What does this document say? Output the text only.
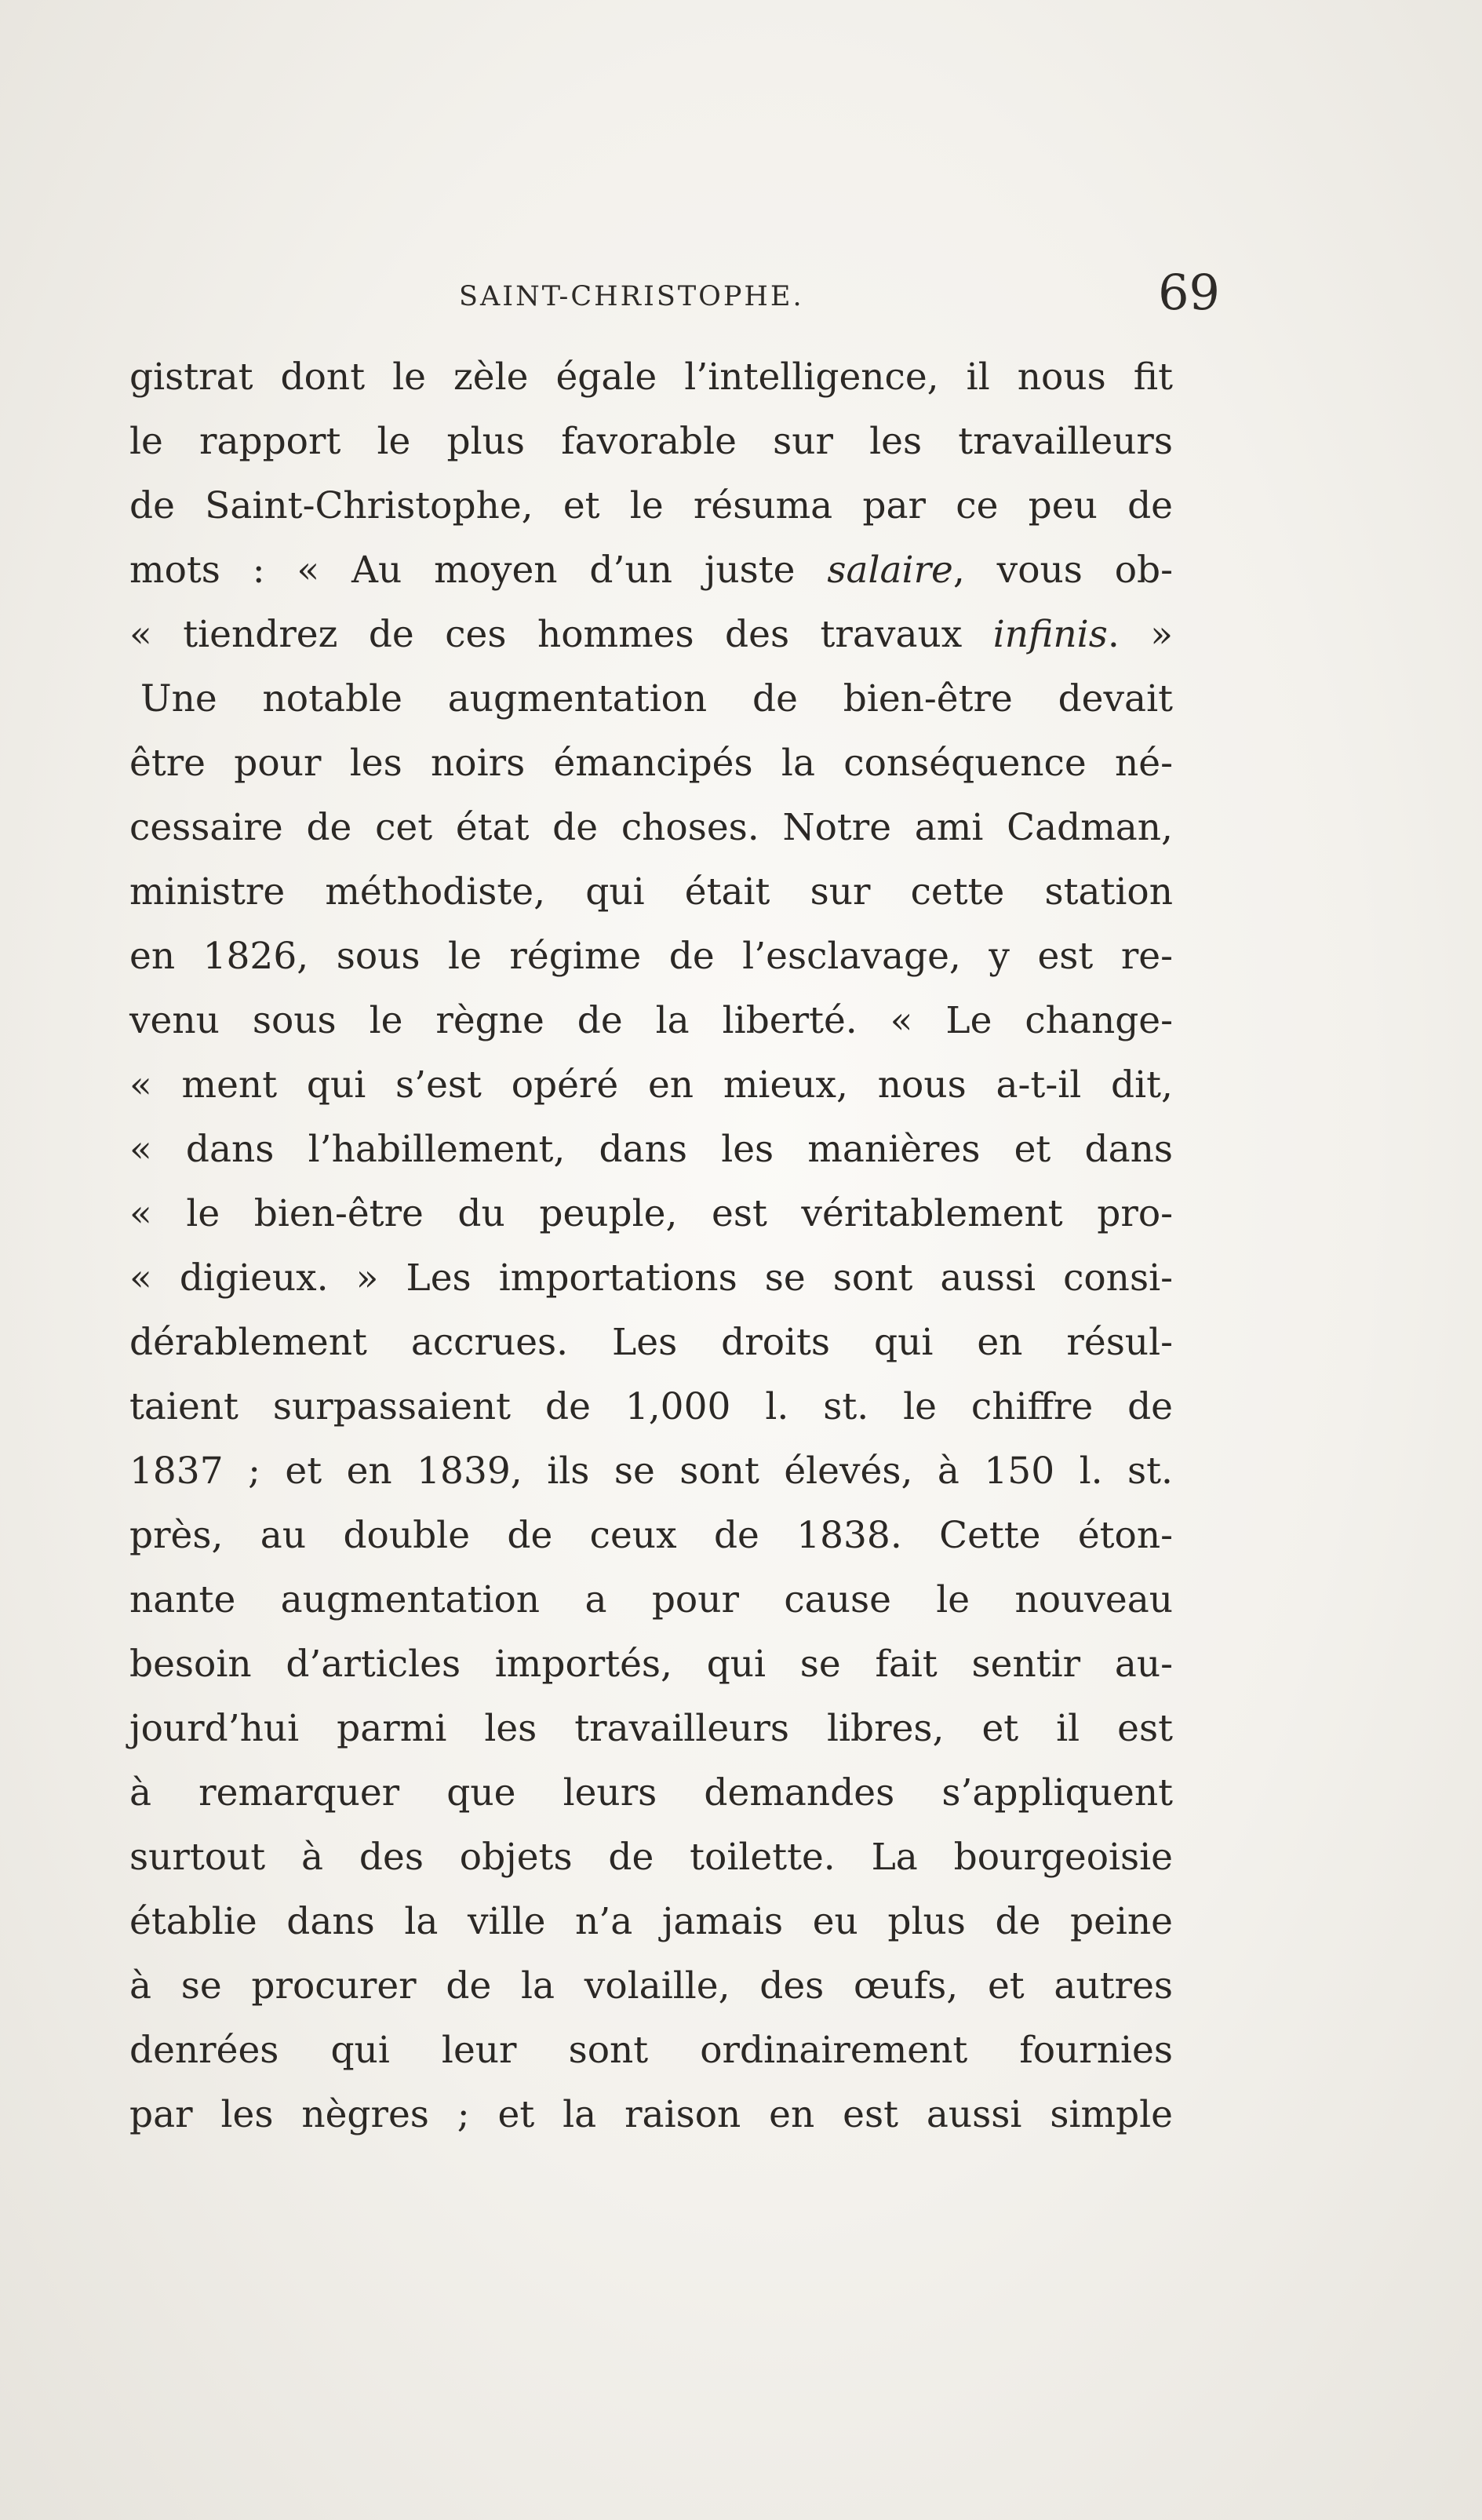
SAINT-CHRISTOPHE.	69
gistrat dont le zèle égale l’intelligence, il nous fit
le rapport le plus favorable sur les travailleurs
de Saint-Christophe, et le résuma par ce peu de
mots : « Au moyen d’un juste salaire, vous ob-
« tiendrez de ces hommes des travaux infinis. »
Une notable augmentation de bien-être devait
être pour les noirs émancipés la conséquence né-
cessaire de cet état de choses. Notre ami Cadman,
ministre méthodiste, qui était sur cette station
en 1826, sous le régime de l’esclavage, y est re-
venu sous le règne de la liberté. « Le change-
« ment qui s’est opéré en mieux, nous a-t-il dit,
« dans l’habillement, dans les manières et dans
« le bien-être du peuple, est véritablement pro-
« digieux. » Les importations se sont aussi consi-
dérablement accrues. Les droits qui en résul-
taient surpassaient de 1,000 l. st. le chiffre de
1837 ; et en 1839, ils se sont élevés, à 150 l. st.
près, au double de ceux de 1838. Cette éton-
nante augmentation a pour cause le nouveau
besoin d’articles importés, qui se fait sentir au-
jourd’hui parmi les travailleurs libres, et il est
à remarquer que leurs demandes s’appliquent
surtout à des objets de toilette. La bourgeoisie
établie dans la ville n’a jamais eu plus de peine
à se procurer de la volaille, des œufs, et autres
denrées qui leur sont ordinairement fournies
par les nègres ; et la raison en est aussi simple
